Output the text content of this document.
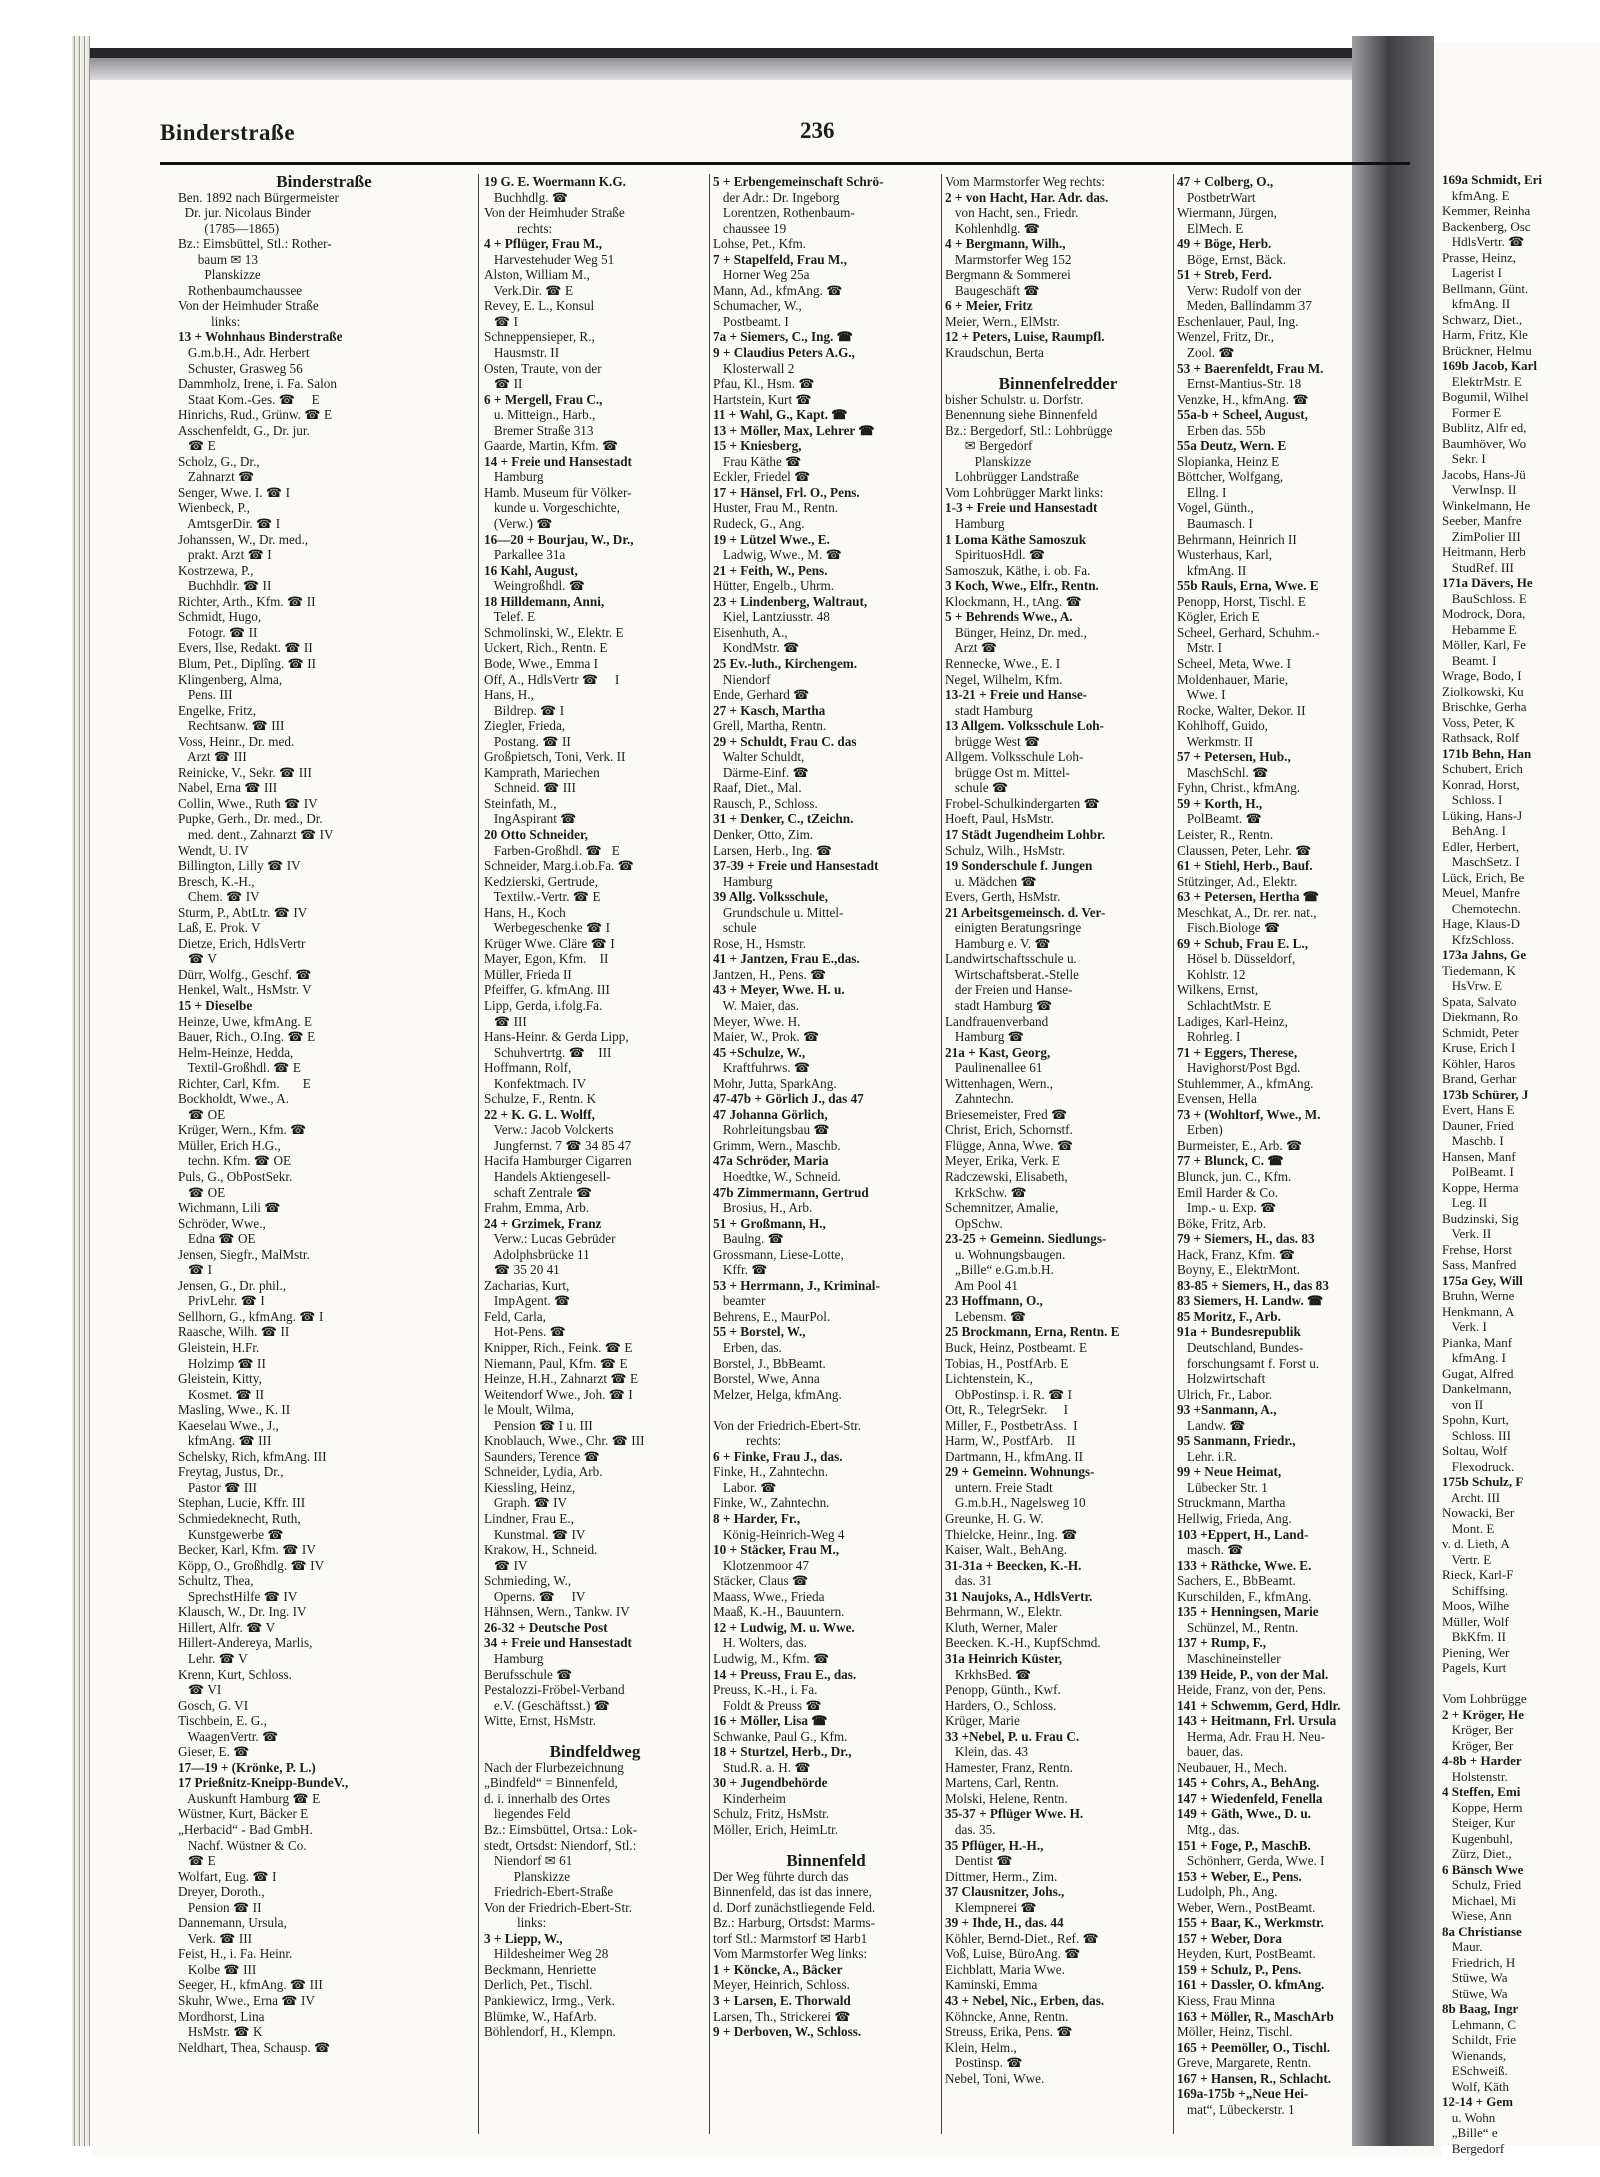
169a Schmidt, Eri
kfmAng. E
Kemmer, Reinha
Backenberg, Osc
HdlsVertr. ☎
Prasse, Heinz,
Lagerist I
Bellmann, Günt.
kfmAng. II
Schwarz, Diet.,
Harm, Fritz, Kle
Brückner, Helmu
169b Jacob, Karl
ElektrMstr. E
Bogumil, Wilhel
Former E
Bublitz, Alfr ed,
Baumhöver, Wo
Sekr. I
Jacobs, Hans-Jü
VerwInsp. II
Winkelmann, He
Seeber, Manfre
ZimPolier III
Heitmann, Herb
StudRef. III
171a Dävers, He
BauSchloss. E
Modrock, Dora,
Hebamme E
Möller, Karl, Fe
Beamt. I
Wrage, Bodo, I
Ziolkowski, Ku
Brischke, Gerha
Voss, Peter, K
Rathsack, Rolf
171b Behn, Han
Schubert, Erich
Konrad, Horst,
Schloss. I
Lüking, Hans-J
BehAng. I
Edler, Herbert,
MaschSetz. I
Lück, Erich, Be
Meuel, Manfre
Chemotechn.
Hage, Klaus-D
KfzSchloss.
173a Jahns, Ge
Tiedemann, K
HsVrw. E
Spata, Salvato
Diekmann, Ro
Schmidt, Peter
Kruse, Erich I
Köhler, Haros
Brand, Gerhar
173b Schürer, J
Evert, Hans E
Dauner, Fried
Maschb. I
Hansen, Manf
PolBeamt. I
Koppe, Herma
Leg. II
Budzinski, Sig
Verk. II
Frehse, Horst
Sass, Manfred
175a Gey, Will
Bruhn, Werne
Henkmann, A
Verk. I
Pianka, Manf
kfmAng. I
Gugat, Alfred
Dankelmann,
von II
Spohn, Kurt,
Schloss. III
Soltau, Wolf
Flexodruck.
175b Schulz, F
Archt. III
Nowacki, Ber
Mont. E
v. d. Lieth, A
Vertr. E
Rieck, Karl-F
Schiffsing.
Moos, Wilhe
Müller, Wolf
BkKfm. II
Piening, Wer
Pagels, Kurt
Vom Lohbrügge
2 + Kröger, He
Kröger, Ber
Kröger, Ber
4-8b + Harder
Holstenstr.
4 Steffen, Emi
Koppe, Herm
Steiger, Kur
Kugenbuhl,
Zürz, Diet.,
6 Bänsch Wwe
Schulz, Fried
Michael, Mi
Wiese, Ann
8a Christianse
Maur.
Friedrich, H
Stüwe, Wa
Stüwe, Wa
8b Baag, Ingr
Lehmann, C
Schildt, Frie
Wienands,
ESchweiß.
Wolf, Käth
12-14 + Gem
u. Wohn
„Bille“ e
Bergedorf
Binderstraße	236
Binderstraße
Ben. 1892 nach Bürgermeister
Dr. jur. Nicolaus Binder
(1785—1865)
Bz.: Eimsbüttel, Stl.: Rother-
baum ✉ 13
Planskizze
Rothenbaumchaussee
Von der Heimhuder Straße
links:
13 + Wohnhaus Binderstraße
G.m.b.H., Adr. Herbert
Schuster, Grasweg 56
Dammholz, Irene, i. Fa. Salon
Staat Kom.-Ges. ☎     E
Hinrichs, Rud., Grünw. ☎ E
Asschenfeldt, G., Dr. jur.
☎ E
Scholz, G., Dr.,
Zahnarzt ☎
Senger, Wwe. I. ☎ I
Wienbeck, P.,
AmtsgerDir. ☎ I
Johanssen, W., Dr. med.,
prakt. Arzt ☎ I
Kostrzewa, P.,
Buchhdlr. ☎ II
Richter, Arth., Kfm. ☎ II
Schmidt, Hugo,
Fotogr. ☎ II
Evers, Ilse, Redakt. ☎ II
Blum, Pet., Diplîng. ☎ II
Klingenberg, Alma,
Pens. III
Engelke, Fritz,
Rechtsanw. ☎ III
Voss, Heinr., Dr. med.
Arzt ☎ III
Reinicke, V., Sekr. ☎ III
Nabel, Erna ☎ III
Collin, Wwe., Ruth ☎ IV
Pupke, Gerh., Dr. med., Dr.
med. dent., Zahnarzt ☎ IV
Wendt, U. IV
Billington, Lilly ☎ IV
Bresch, K.-H.,
Chem. ☎ IV
Sturm, P., AbtLtr. ☎ IV
Laß, E. Prok. V
Dietze, Erich, HdlsVertr
☎ V
Dürr, Wolfg., Geschf. ☎
Henkel, Walt., HsMstr. V
15 + Dieselbe
Heinze, Uwe, kfmAng. E
Bauer, Rich., O.Ing. ☎ E
Helm-Heinze, Hedda,
Textil-Großhdl. ☎ E
Richter, Carl, Kfm.       E
Bockholdt, Wwe., A.
☎ OE
Krüger, Wern., Kfm. ☎
Müller, Erich H.G.,
techn. Kfm. ☎ OE
Puls, G., ObPostSekr.
☎ OE
Wichmann, Lili ☎
Schröder, Wwe.,
Edna ☎ OE
Jensen, Siegfr., MalMstr.
☎ I
Jensen, G., Dr. phil.,
PrivLehr. ☎ I
Sellhorn, G., kfmAng. ☎ I
Raasche, Wilh. ☎ II
Gleistein, H.Fr.
Holzimp ☎ II
Gleistein, Kitty,
Kosmet. ☎ II
Masling, Wwe., K. II
Kaeselau Wwe., J.,
kfmAng. ☎ III
Schelsky, Rich, kfmAng. III
Freytag, Justus, Dr.,
Pastor ☎ III
Stephan, Lucie, Kffr. III
Schmiedeknecht, Ruth,
Kunstgewerbe ☎
Becker, Karl, Kfm. ☎ IV
Köpp, O., Großhdlg. ☎ IV
Schultz, Thea,
SprechstHilfe ☎ IV
Klausch, W., Dr. Ing. IV
Hillert, Alfr. ☎ V
Hillert-Andereya, Marlis,
Lehr. ☎ V
Krenn, Kurt, Schloss.
☎ VI
Gosch, G. VI
Tischbein, E. G.,
WaagenVertr. ☎
Gieser, E. ☎
17—19 + (Krönke, P. L.)
17 Prießnitz-Kneipp-BundeV.,
Auskunft Hamburg ☎ E
Wüstner, Kurt, Bäcker E
„Herbacid“ - Bad GmbH.
Nachf. Wüstner & Co.
☎ E
Wolfart, Eug. ☎ I
Dreyer, Doroth.,
Pension ☎ II
Dannemann, Ursula,
Verk. ☎ III
Feist, H., i. Fa. Heinr.
Kolbe ☎ III
Seeger, H., kfmAng. ☎ III
Skuhr, Wwe., Erna ☎ IV
Mordhorst, Lina
HsMstr. ☎ K
Neldhart, Thea, Schausp. ☎
19 G. E. Woermann K.G.
Buchhdlg. ☎
Von der Heimhuder Straße
rechts:
4 + Pflüger, Frau M.,
Harvestehuder Weg 51
Alston, William M.,
Verk.Dir. ☎ E
Revey, E. L., Konsul
☎ I
Schneppensieper, R.,
Hausmstr. II
Osten, Traute, von der
☎ II
6 + Mergell, Frau C.,
u. Mitteign., Harb.,
Bremer Straße 313
Gaarde, Martin, Kfm. ☎
14 + Freie und Hansestadt
Hamburg
Hamb. Museum für Völker-
kunde u. Vorgeschichte,
(Verw.) ☎
16—20 + Bourjau, W., Dr.,
Parkallee 31a
16 Kahl, August,
Weingroßhdl. ☎
18 Hilldemann, Anni,
Telef. E
Schmolinski, W., Elektr. E
Uckert, Rich., Rentn. E
Bode, Wwe., Emma I
Off, A., HdlsVertr ☎     I
Hans, H.,
Bildrep. ☎ I
Ziegler, Frieda,
Postang. ☎ II
Großpietsch, Toni, Verk. II
Kamprath, Mariechen
Schneid. ☎ III
Steinfath, M.,
IngAspirant ☎
20 Otto Schneider,
Farben-Großhdl. ☎   E
Schneider, Marg.i.ob.Fa. ☎
Kedzierski, Gertrude,
Textilw.-Vertr. ☎ E
Hans, H., Koch
Werbegeschenke ☎ I
Krüger Wwe. Cläre ☎ I
Mayer, Egon, Kfm.    II
Müller, Frieda II
Pfeiffer, G. kfmAng. III
Lipp, Gerda, i.folg.Fa.
☎ III
Hans-Heinr. & Gerda Lipp,
Schuhvertrtg. ☎    III
Hoffmann, Rolf,
Konfektmach. IV
Schulze, F., Rentn. K
22 + K. G. L. Wolff,
Verw.: Jacob Volckerts
Jungfernst. 7 ☎ 34 85 47
Hacifa Hamburger Cigarren
Handels Aktiengesell-
schaft Zentrale ☎
Frahm, Emma, Arb.
24 + Grzimek, Franz
Verw.: Lucas Gebrüder
Adolphsbrücke 11
☎ 35 20 41
Zacharias, Kurt,
ImpAgent. ☎
Feld, Carla,
Hot-Pens. ☎
Knipper, Rich., Feink. ☎ E
Niemann, Paul, Kfm. ☎ E
Heinze, H.H., Zahnarzt ☎ E
Weitendorf Wwe., Joh. ☎ I
le Moult, Wilma,
Pension ☎ I u. III
Knoblauch, Wwe., Chr. ☎ III
Saunders, Terence ☎
Schneider, Lydia, Arb.
Kiessling, Heinz,
Graph. ☎ IV
Lindner, Frau E.,
Kunstmal. ☎ IV
Krakow, H., Schneid.
☎ IV
Schmieding, W.,
Operns. ☎     IV
Hähnsen, Wern., Tankw. IV
26-32 + Deutsche Post
34 + Freie und Hansestadt
Hamburg
Berufsschule ☎
Pestalozzi-Fröbel-Verband
e.V. (Geschäftsst.) ☎
Witte, Ernst, HsMstr.
Bindfeldweg
Nach der Flurbezeichnung
„Bindfeld“ = Binnenfeld,
d. i. innerhalb des Ortes
liegendes Feld
Bz.: Eimsbüttel, Ortsa.: Lok-
stedt, Ortsdst: Niendorf, Stl.:
Niendorf ✉ 61
Planskizze
Friedrich-Ebert-Straße
Von der Friedrich-Ebert-Str.
links:
3 + Liepp, W.,
Hildesheimer Weg 28
Beckmann, Henriette
Derlich, Pet., Tischl.
Pankiewicz, Irmg., Verk.
Blümke, W., HafArb.
Böhlendorf, H., Klempn.
5 + Erbengemeinschaft Schrö-
der Adr.: Dr. Ingeborg
Lorentzen, Rothenbaum-
chaussee 19
Lohse, Pet., Kfm.
7 + Stapelfeld, Frau M.,
Horner Weg 25a
Mann, Ad., kfmAng. ☎
Schumacher, W.,
Postbeamt. I
7a + Siemers, C., Ing. ☎
9 + Claudius Peters A.G.,
Klosterwall 2
Pfau, Kl., Hsm. ☎
Hartstein, Kurt ☎
11 + Wahl, G., Kapt. ☎
13 + Möller, Max, Lehrer ☎
15 + Kniesberg,
Frau Käthe ☎
Eckler, Friedel ☎
17 + Hänsel, Frl. O., Pens.
Huster, Frau M., Rentn.
Rudeck, G., Ang.
19 + Lützel Wwe., E.
Ladwig, Wwe., M. ☎
21 + Feith, W., Pens.
Hütter, Engelb., Uhrm.
23 + Lindenberg, Waltraut,
Kiel, Lantziusstr. 48
Eisenhuth, A.,
KondMstr. ☎
25 Ev.-luth., Kirchengem.
Niendorf
Ende, Gerhard ☎
27 + Kasch, Martha
Grell, Martha, Rentn.
29 + Schuldt, Frau C. das
Walter Schuldt,
Därme-Einf. ☎
Raaf, Diet., Mal.
Rausch, P., Schloss.
31 + Denker, C., tZeichn.
Denker, Otto, Zim.
Larsen, Herb., Ing. ☎
37-39 + Freie und Hansestadt
Hamburg
39 Allg. Volksschule,
Grundschule u. Mittel-
schule
Rose, H., Hsmstr.
41 + Jantzen, Frau E.,das.
Jantzen, H., Pens. ☎
43 + Meyer, Wwe. H. u.
W. Maier, das.
Meyer, Wwe. H.
Maier, W., Prok. ☎
45 +Schulze, W.,
Kraftfuhrws. ☎
Mohr, Jutta, SparkAng.
47-47b + Görlich J., das 47
47 Johanna Görlich,
Rohrleitungsbau ☎
Grimm, Wern., Maschb.
47a Schröder, Maria
Hoedtke, W., Schneid.
47b Zimmermann, Gertrud
Brosius, H., Arb.
51 + Großmann, H.,
Baulng. ☎
Grossmann, Liese-Lotte,
Kffr. ☎
53 + Herrmann, J., Kriminal-
beamter
Behrens, E., MaurPol.
55 + Borstel, W.,
Erben, das.
Borstel, J., BbBeamt.
Borstel, Wwe, Anna
Melzer, Helga, kfmAng.
Von der Friedrich-Ebert-Str.
rechts:
6 + Finke, Frau J., das.
Finke, H., Zahntechn.
Labor. ☎
Finke, W., Zahntechn.
8 + Harder, Fr.,
König-Heinrich-Weg 4
10 + Stäcker, Frau M.,
Klotzenmoor 47
Stäcker, Claus ☎
Maass, Wwe., Frieda
Maaß, K.-H., Bauuntern.
12 + Ludwig, M. u. Wwe.
H. Wolters, das.
Ludwig, M., Kfm. ☎
14 + Preuss, Frau E., das.
Preuss, K.-H., i. Fa.
Foldt & Preuss ☎
16 + Möller, Lisa ☎
Schwanke, Paul G., Kfm.
18 + Sturtzel, Herb., Dr.,
Stud.R. a. H. ☎
30 + Jugendbehörde
Kinderheim
Schulz, Fritz, HsMstr.
Möller, Erich, HeimLtr.
Binnenfeld
Der Weg führte durch das
Binnenfeld, das ist das innere,
d. Dorf zunächstliegende Feld.
Bz.: Harburg, Ortsdst: Marms-
torf Stl.: Marmstorf ✉ Harb1
Vom Marmstorfer Weg links:
1 + Köncke, A., Bäcker
Meyer, Heinrich, Schloss.
3 + Larsen, E. Thorwald
Larsen, Th., Strickerei ☎
9 + Derboven, W., Schloss.
Vom Marmstorfer Weg rechts:
2 + von Hacht, Har. Adr. das.
von Hacht, sen., Friedr.
Kohlenhdlg. ☎
4 + Bergmann, Wilh.,
Marmstorfer Weg 152
Bergmann & Sommerei
Baugeschäft ☎
6 + Meier, Fritz
Meier, Wern., ElMstr.
12 + Peters, Luise, Raumpfl.
Kraudschun, Berta
Binnenfelredder
bisher Schulstr. u. Dorfstr.
Benennung siehe Binnenfeld
Bz.: Bergedorf, Stl.: Lohbrügge
✉ Bergedorf
Planskizze
Lohbrügger Landstraße
Vom Lohbrügger Markt links:
1-3 + Freie und Hansestadt
Hamburg
1 Loma Käthe Samoszuk
SpirituosHdl. ☎
Samoszuk, Käthe, i. ob. Fa.
3 Koch, Wwe., Elfr., Rentn.
Klockmann, H., tAng. ☎
5 + Behrends Wwe., A.
Bünger, Heinz, Dr. med.,
Arzt ☎
Rennecke, Wwe., E. I
Negel, Wilhelm, Kfm.
13-21 + Freie und Hanse-
stadt Hamburg
13 Allgem. Volksschule Loh-
brügge West ☎
Allgem. Volksschule Loh-
brügge Ost m. Mittel-
schule ☎
Frobel-Schulkindergarten ☎
Hoeft, Paul, HsMstr.
17 Städt Jugendheim Lohbr.
Schulz, Wilh., HsMstr.
19 Sonderschule f. Jungen
u. Mädchen ☎
Evers, Gerth, HsMstr.
21 Arbeitsgemeinsch. d. Ver-
einigten Beratungsringe
Hamburg e. V. ☎
Landwirtschaftsschule u.
Wirtschaftsberat.-Stelle
der Freien und Hanse-
stadt Hamburg ☎
Landfrauenverband
Hamburg ☎
21a + Kast, Georg,
Paulinenallee 61
Wittenhagen, Wern.,
Zahntechn.
Briesemeister, Fred ☎
Christ, Erich, Schornstf.
Flügge, Anna, Wwe. ☎
Meyer, Erika, Verk. E
Radczewski, Elisabeth,
KrkSchw. ☎
Schemnitzer, Amalie,
OpSchw.
23-25 + Gemeinn. Siedlungs-
u. Wohnungsbaugen.
„Bille“ e.G.m.b.H.
Am Pool 41
23 Hoffmann, O.,
Lebensm. ☎
25 Brockmann, Erna, Rentn. E
Buck, Heinz, Postbeamt. E
Tobias, H., PostfArb. E
Lichtenstein, K.,
ObPostinsp. i. R. ☎ I
Ott, R., TelegrSekr.     I
Miller, F., PostbetrAss.  I
Harm, W., PostfArb.    II
Dartmann, H., kfmAng. II
29 + Gemeinn. Wohnungs-
untern. Freie Stadt
G.m.b.H., Nagelsweg 10
Greunke, H. G. W.
Thielcke, Heinr., Ing. ☎
Kaiser, Walt., BehAng.
31-31a + Beecken, K.-H.
das. 31
31 Naujoks, A., HdlsVertr.
Behrmann, W., Elektr.
Kluth, Werner, Maler
Beecken. K.-H., KupfSchmd.
31a Heinrich Küster,
KrkhsBed. ☎
Penopp, Günth., Kwf.
Harders, O., Schloss.
Krüger, Marie
33 +Nebel, P. u. Frau C.
Klein, das. 43
Hamester, Franz, Rentn.
Martens, Carl, Rentn.
Molski, Helene, Rentn.
35-37 + Pflüger Wwe. H.
das. 35.
35 Pflüger, H.-H.,
Dentist ☎
Dittmer, Herm., Zim.
37 Clausnitzer, Johs.,
Klempnerei ☎
39 + Ihde, H., das. 44
Köhler, Bernd-Diet., Ref. ☎
Voß, Luise, BüroAng. ☎
Eichblatt, Maria Wwe.
Kaminski, Emma
43 + Nebel, Nic., Erben, das.
Köhncke, Anne, Rentn.
Streuss, Erika, Pens. ☎
Klein, Helm.,
Postinsp. ☎
Nebel, Toni, Wwe.
47 + Colberg, O.,
PostbetrWart
Wiermann, Jürgen,
ElMech. E
49 + Böge, Herb.
Böge, Ernst, Bäck.
51 + Streb, Ferd.
Verw: Rudolf von der
Meden, Ballindamm 37
Eschenlauer, Paul, Ing.
Wenzel, Fritz, Dr.,
Zool. ☎
53 + Baerenfeldt, Frau M.
Ernst-Mantius-Str. 18
Venzke, H., kfmAng. ☎
55a-b + Scheel, August,
Erben das. 55b
55a Deutz, Wern. E
Slopianka, Heinz E
Böttcher, Wolfgang,
Ellng. I
Vogel, Günth.,
Baumasch. I
Behrmann, Heinrich II
Wusterhaus, Karl,
kfmAng. II
55b Rauls, Erna, Wwe. E
Penopp, Horst, Tischl. E
Kögler, Erich E
Scheel, Gerhard, Schuhm.-
Mstr. I
Scheel, Meta, Wwe. I
Moldenhauer, Marie,
Wwe. I
Rocke, Walter, Dekor. II
Kohlhoff, Guido,
Werkmstr. II
57 + Petersen, Hub.,
MaschSchl. ☎
Fyhn, Christ., kfmAng.
59 + Korth, H.,
PolBeamt. ☎
Leister, R., Rentn.
Claussen, Peter, Lehr. ☎
61 + Stiehl, Herb., Bauf.
Stützinger, Ad., Elektr.
63 + Petersen, Hertha ☎
Meschkat, A., Dr. rer. nat.,
Fisch.Biologe ☎
69 + Schub, Frau E. L.,
Hösel b. Düsseldorf,
Kohlstr. 12
Wilkens, Ernst,
SchlachtMstr. E
Ladiges, Karl-Heinz,
Rohrleg. I
71 + Eggers, Therese,
Havighorst/Post Bgd.
Stuhlemmer, A., kfmAng.
Evensen, Hella
73 + (Wohltorf, Wwe., M.
Erben)
Burmeister, E., Arb. ☎
77 + Blunck, C. ☎
Blunck, jun. C., Kfm.
Emil Harder & Co.
Imp.- u. Exp. ☎
Böke, Fritz, Arb.
79 + Siemers, H., das. 83
Hack, Franz, Kfm. ☎
Boyny, E., ElektrMont.
83-85 + Siemers, H., das 83
83 Siemers, H. Landw. ☎
85 Moritz, F., Arb.
91a + Bundesrepublik
Deutschland, Bundes-
forschungsamt f. Forst u.
Holzwirtschaft
Ulrich, Fr., Labor.
93 +Sanmann, A.,
Landw. ☎
95 Sanmann, Friedr.,
Lehr. i.R.
99 + Neue Heimat,
Lübecker Str. 1
Struckmann, Martha
Hellwig, Frieda, Ang.
103 +Eppert, H., Land-
masch. ☎
133 + Räthcke, Wwe. E.
Sachers, E., BbBeamt.
Kurschilden, F., kfmAng.
135 + Henningsen, Marie
Schünzel, M., Rentn.
137 + Rump, F.,
Maschineinsteller
139 Heide, P., von der Mal.
Heide, Franz, von der, Pens.
141 + Schwemm, Gerd, Hdlr.
143 + Heitmann, Frl. Ursula
Herma, Adr. Frau H. Neu-
bauer, das.
Neubauer, H., Mech.
145 + Cohrs, A., BehAng.
147 + Wiedenfeld, Fenella
149 + Gäth, Wwe., D. u.
Mtg., das.
151 + Foge, P., MaschB.
Schönherr, Gerda, Wwe. I
153 + Weber, E., Pens.
Ludolph, Ph., Ang.
Weber, Wern., PostBeamt.
155 + Baar, K., Werkmstr.
157 + Weber, Dora
Heyden, Kurt, PostBeamt.
159 + Schulz, P., Pens.
161 + Dassler, O. kfmAng.
Kiess, Frau Minna
163 + Möller, R., MaschArb
Möller, Heinz, Tischl.
165 + Peemöller, O., Tischl.
Greve, Margarete, Rentn.
167 + Hansen, R., Schlacht.
169a-175b +„Neue Hei-
mat“, Lübeckerstr. 1
